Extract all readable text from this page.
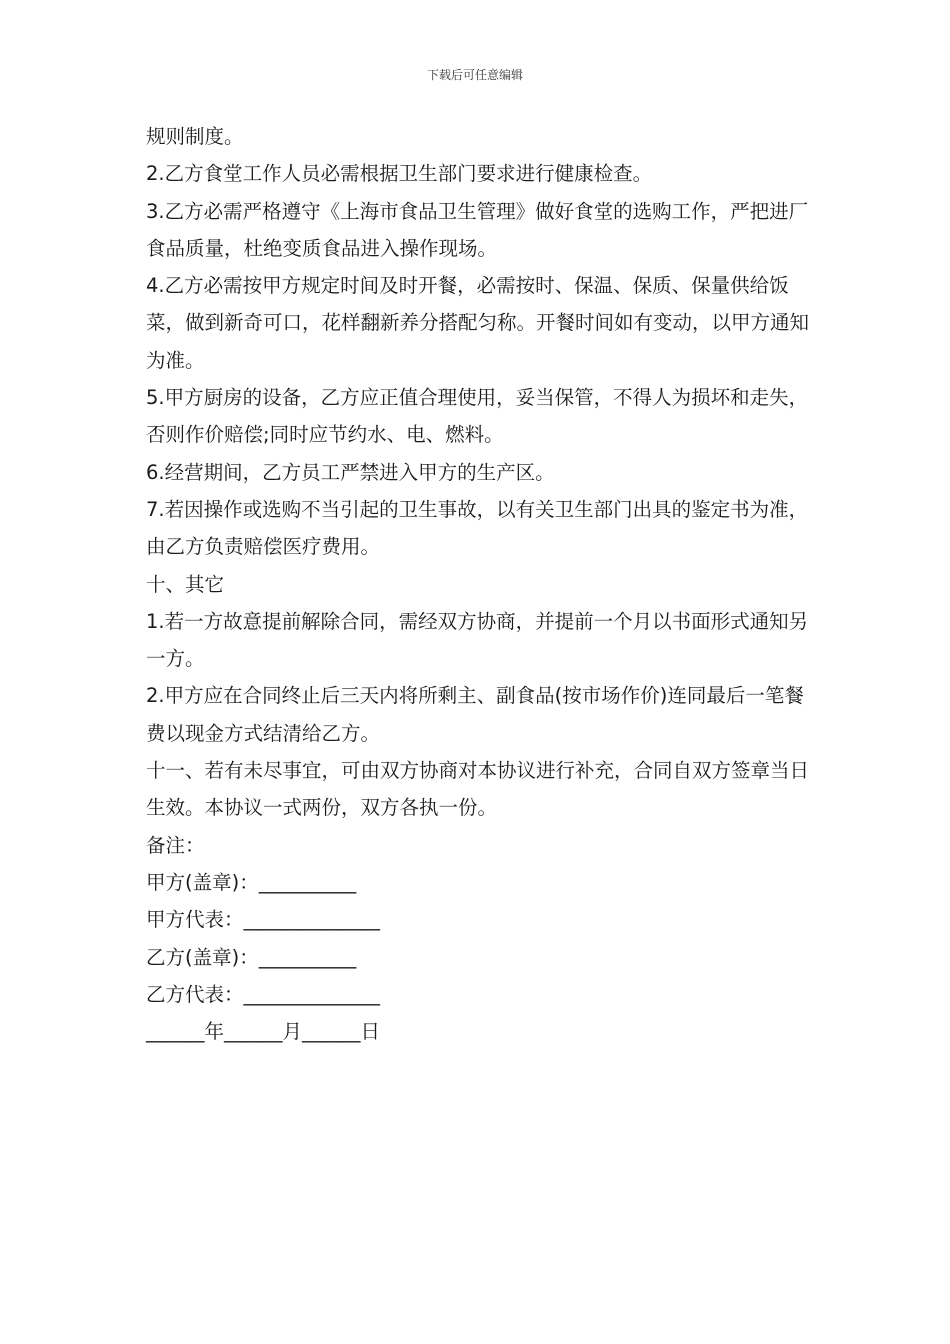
下载后可任意编辑

规则制度。

2.乙方食堂工作人员必需根据卫生部门要求进行健康检查。

3.乙方必需严格遵守《上海市食品卫生管理》做好食堂的选购工作，严把进厂食品质量，杜绝变质食品进入操作现场。

4.乙方必需按甲方规定时间及时开餐，必需按时、保温、保质、保量供给饭菜，做到新奇可口，花样翻新养分搭配匀称。开餐时间如有变动，以甲方通知为准。

5.甲方厨房的设备，乙方应正值合理使用，妥当保管，不得人为损坏和走失，否则作价赔偿;同时应节约水、电、燃料。

6.经营期间，乙方员工严禁进入甲方的生产区。

7.若因操作或选购不当引起的卫生事故，以有关卫生部门出具的鉴定书为准，由乙方负责赔偿医疗费用。

十、其它

1.若一方故意提前解除合同，需经双方协商，并提前一个月以书面形式通知另一方。

2.甲方应在合同终止后三天内将所剩主、副食品(按市场作价)连同最后一笔餐费以现金方式结清给乙方。

十一、若有未尽事宜，可由双方协商对本协议进行补充，合同自双方签章当日生效。本协议一式两份，双方各执一份。

备注：

甲方(盖章)：__________

甲方代表：______________

乙方(盖章)：__________

乙方代表：______________

______年______月______日
